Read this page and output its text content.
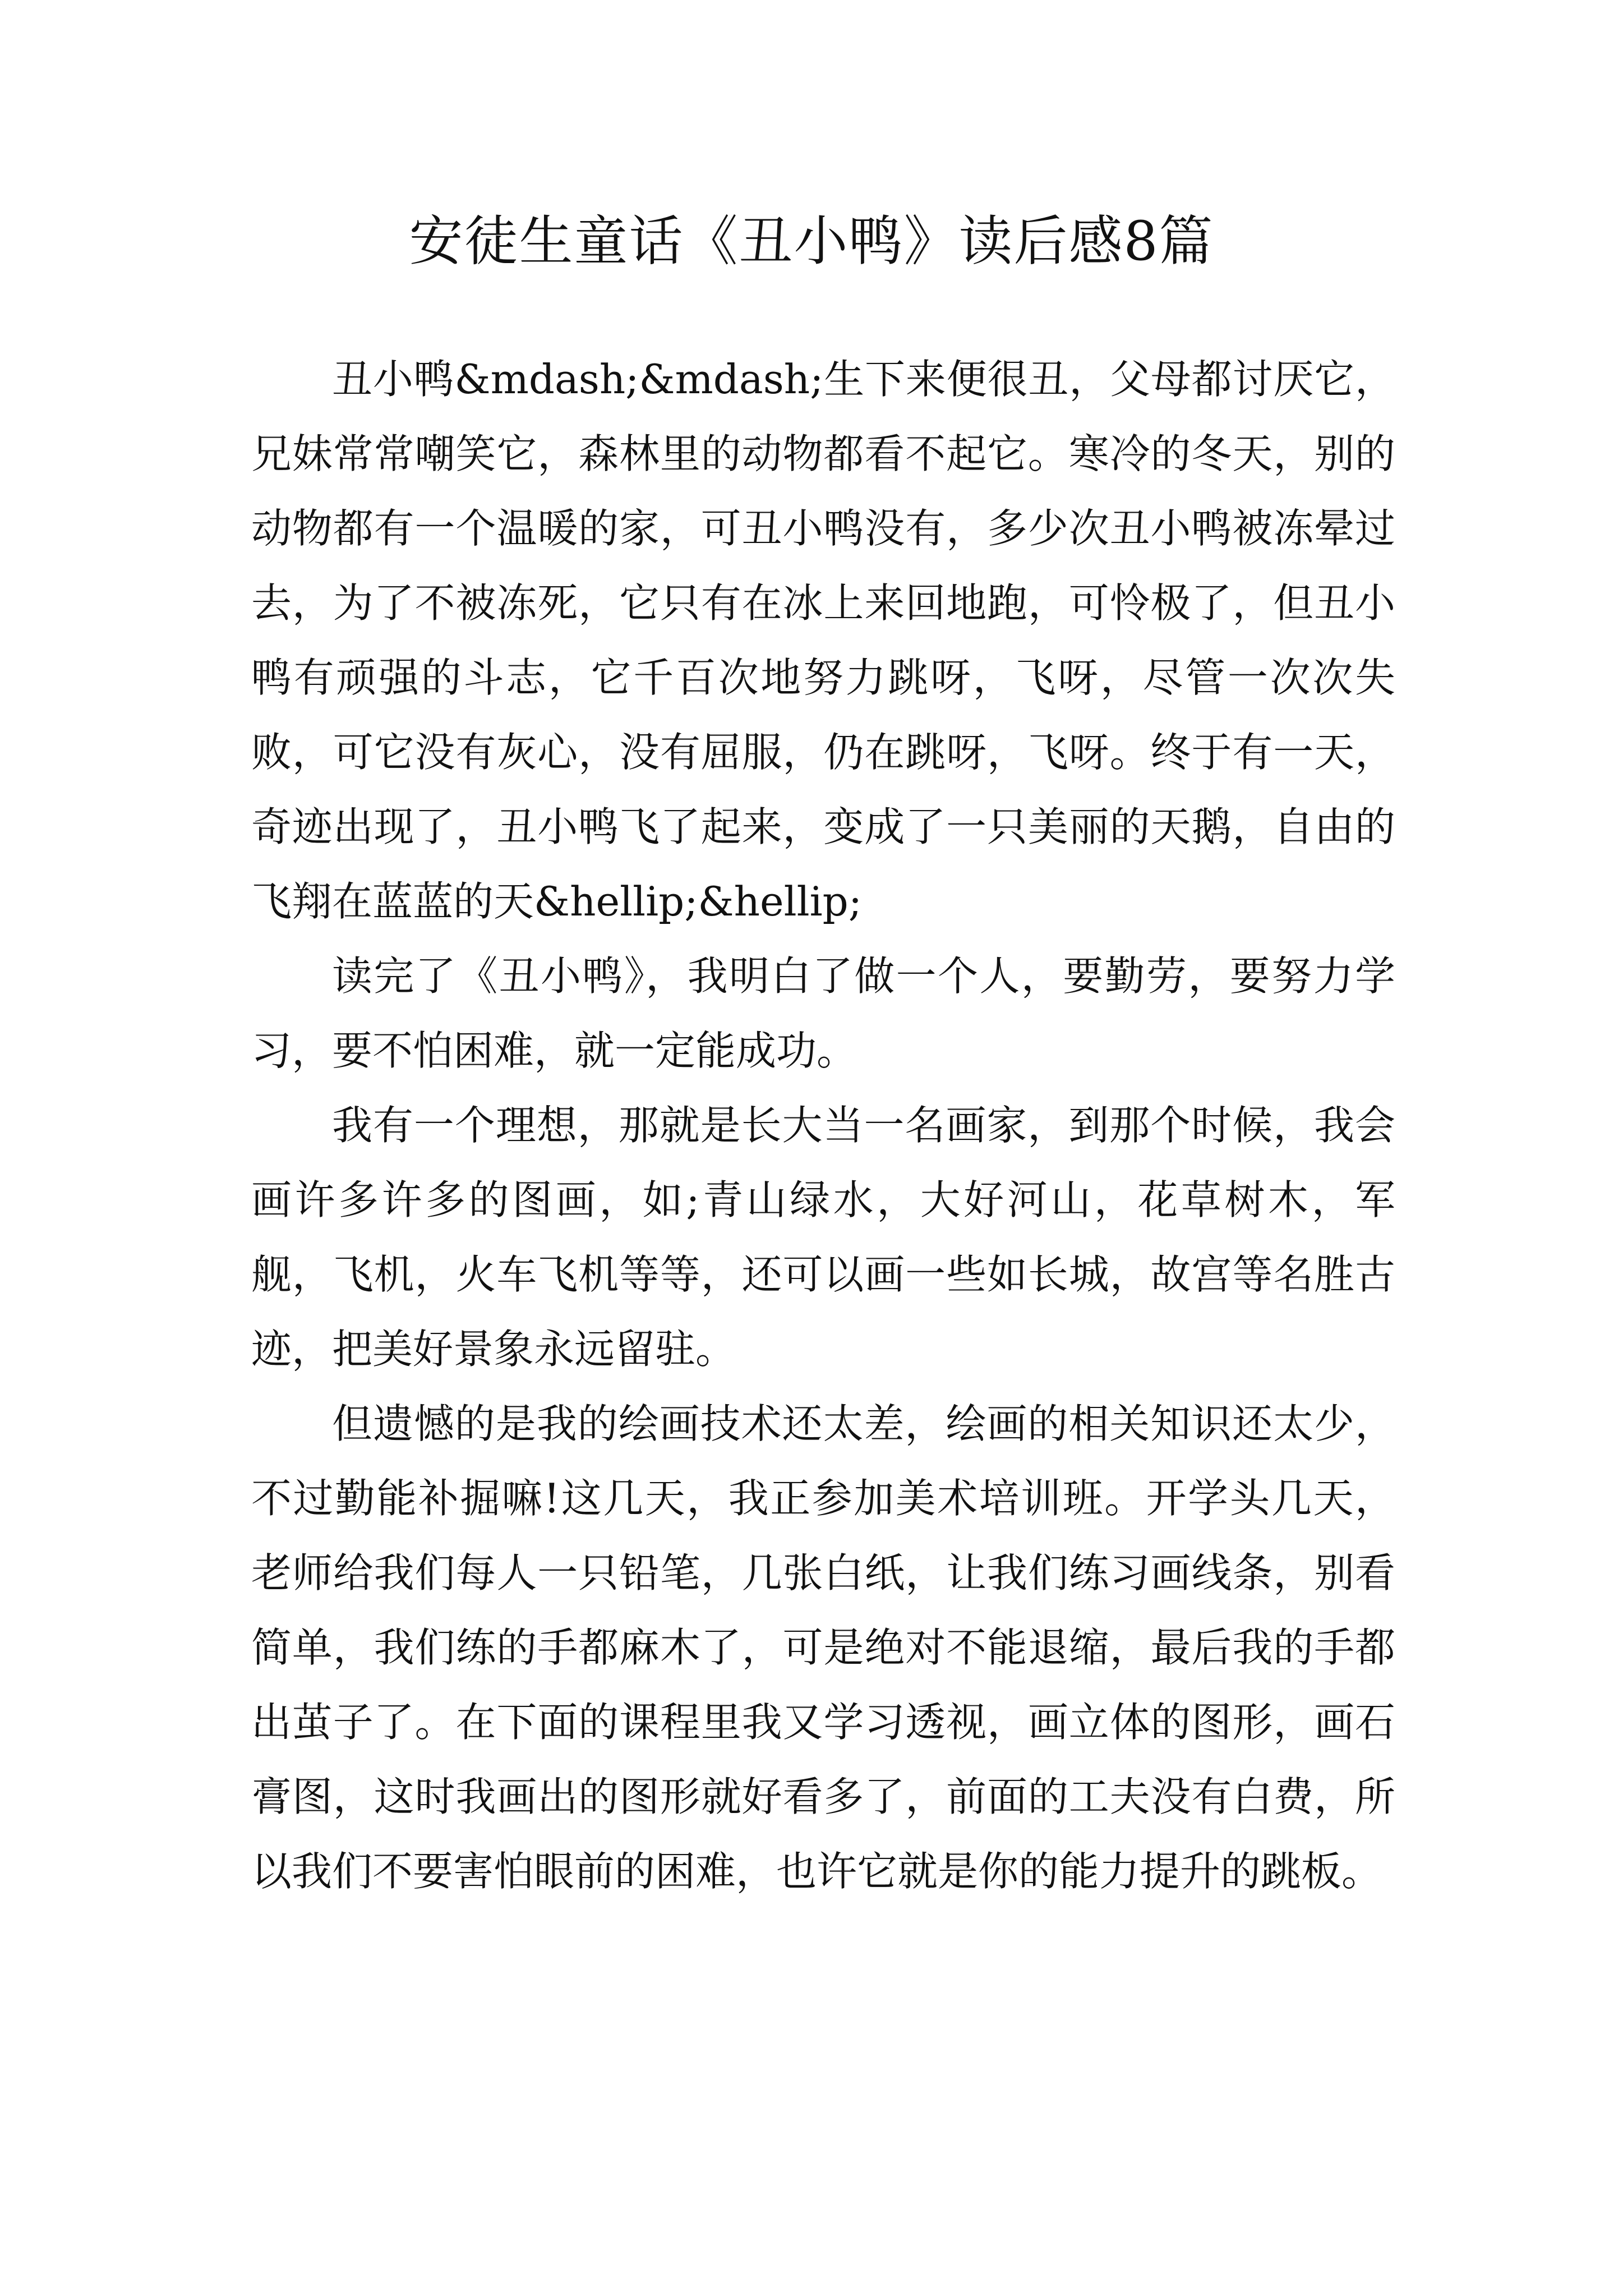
安徒生童话《丑小鸭》读后感8篇

丑小鸭&mdash;&mdash;生下来便很丑，父母都讨厌它，兄妹常常嘲笑它，森林里的动物都看不起它。寒冷的冬天，别的动物都有一个温暖的家，可丑小鸭没有，多少次丑小鸭被冻晕过去，为了不被冻死，它只有在冰上来回地跑，可怜极了，但丑小鸭有顽强的斗志，它千百次地努力跳呀，飞呀，尽管一次次失败，可它没有灰心，没有屈服，仍在跳呀，飞呀。终于有一天，奇迹出现了，丑小鸭飞了起来，变成了一只美丽的天鹅，自由的飞翔在蓝蓝的天&hellip;&hellip;

读完了《丑小鸭》，我明白了做一个人，要勤劳，要努力学习，要不怕困难，就一定能成功。

我有一个理想，那就是长大当一名画家，到那个时候，我会画许多许多的图画，如;青山绿水，大好河山，花草树木，军舰，飞机，火车飞机等等，还可以画一些如长城，故宫等名胜古迹，把美好景象永远留驻。

但遗憾的是我的绘画技术还太差，绘画的相关知识还太少，不过勤能补掘嘛!这几天，我正参加美术培训班。开学头几天，老师给我们每人一只铅笔，几张白纸，让我们练习画线条，别看简单，我们练的手都麻木了，可是绝对不能退缩，最后我的手都出茧子了。在下面的课程里我又学习透视，画立体的图形，画石膏图，这时我画出的图形就好看多了，前面的工夫没有白费，所以我们不要害怕眼前的困难，也许它就是你的能力提升的跳板。
